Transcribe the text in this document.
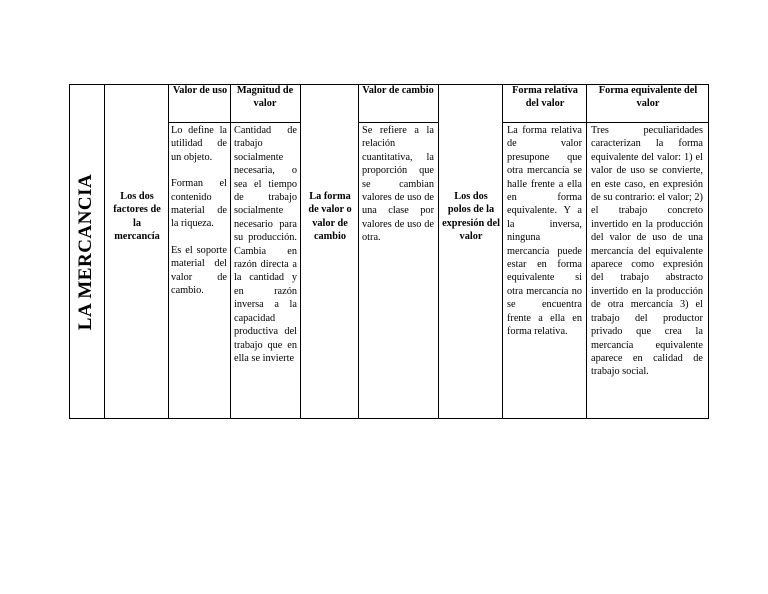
LA MERCANCIA	Los dos factores de la mercancía
Valor de uso

Lo define la utilidad de un objeto.

Forman el contenido material de la riqueza.

Es el soporte material del valor de cambio.

Magnitud de valor
Cantidad de trabajo socialmente necesaria, o sea el tiempo de trabajo socialmente necesario para su producción. Cambia en razón directa a la cantidad y en razón inversa a la capacidad productiva del trabajo que en ella se invierte
La forma de valor o valor de cambio
Valor de cambio
Se refiere a la relación cuantitativa, la proporción que se cambian valores de uso de una clase por valores de uso de otra.
Los dos polos de la expresión del valor
Forma relativa del valor
La forma relativa de valor presupone que otra mercancía se halle frente a ella en forma equivalente. Y a la inversa, ninguna mercancía puede estar en forma equivalente si otra mercancía no se encuentra frente a ella en forma relativa.
Forma equivalente del valor
Tres peculiaridades caracterizan la forma equivalente del valor: 1) el valor de uso se convierte, en este caso, en expresión de su contrario: el valor; 2) el trabajo concreto invertido en la producción del valor de uso de una mercancía del equivalente aparece como expresión del trabajo abstracto invertido en la producción de otra mercancía 3) el trabajo del productor privado que crea la mercancía equivalente aparece en calidad de trabajo social.
